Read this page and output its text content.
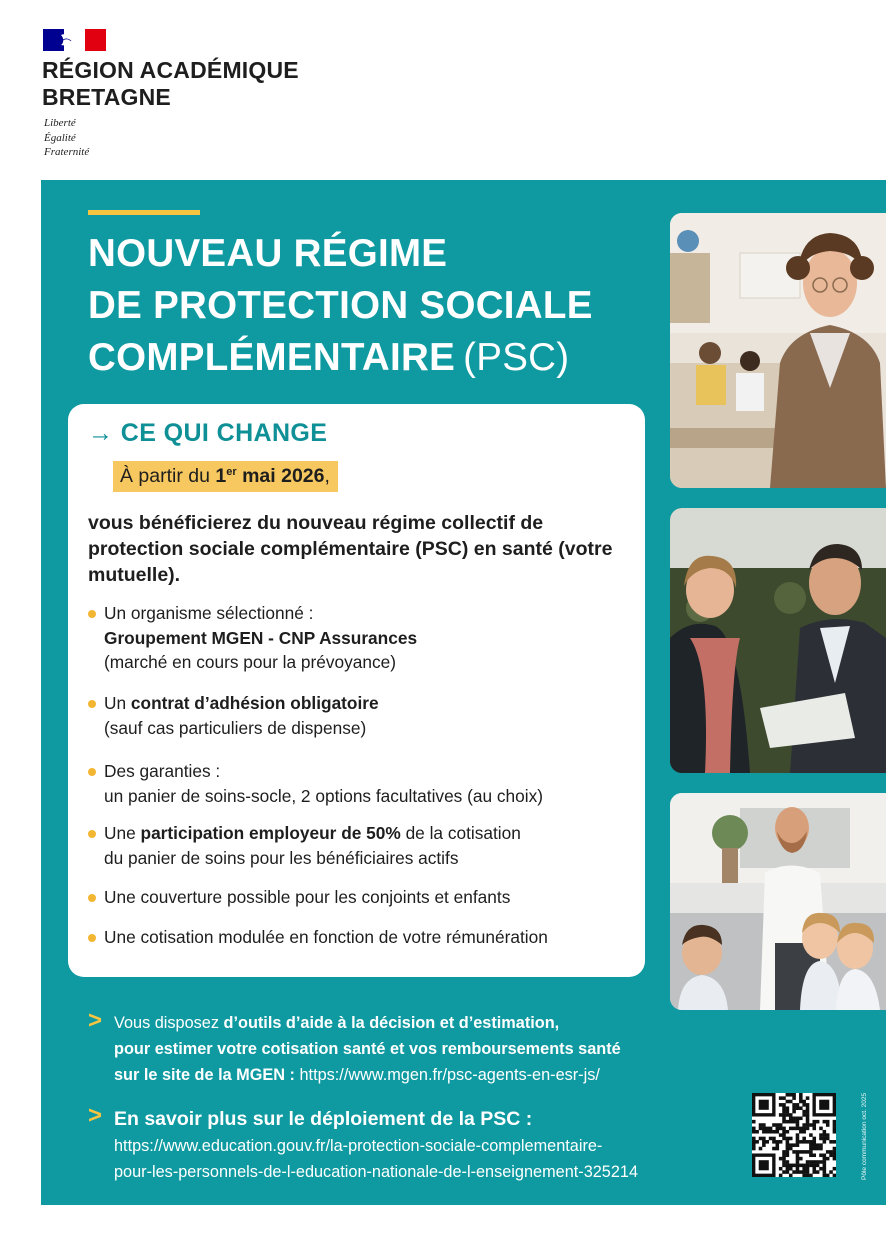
RÉGION ACADÉMIQUE
BRETAGNE
Liberté
Égalité
Fraternité
NOUVEAU RÉGIME
DE PROTECTION SOCIALE
COMPLÉMENTAIRE (PSC)
→ CE QUI CHANGE
À partir du 1er mai 2026,

vous bénéficierez du nouveau régime collectif de protection sociale complémentaire (PSC) en santé (votre mutuelle).

Un organisme sélectionné :
Groupement MGEN - CNP Assurances
(marché en cours pour la prévoyance)
Un contrat d’adhésion obligatoire
(sauf cas particuliers de dispense)
Des garanties :
un panier de soins-socle, 2 options facultatives (au choix)
Une participation employeur de 50% de la cotisation
du panier de soins pour les bénéficiaires actifs
Une couverture possible pour les conjoints et enfants
Une cotisation modulée en fonction de votre rémunération
> Vous disposez d’outils d’aide à la décision et d’estimation,

pour estimer votre cotisation santé et vos remboursements santé

sur le site de la MGEN : https://www.mgen.fr/psc-agents-en-esr-js/

> En savoir plus sur le déploiement de la PSC :

https://www.education.gouv.fr/la-protection-sociale-complementaire-

pour-les-personnels-de-l-education-nationale-de-l-enseignement-325214	Pôle communication oct. 2025
